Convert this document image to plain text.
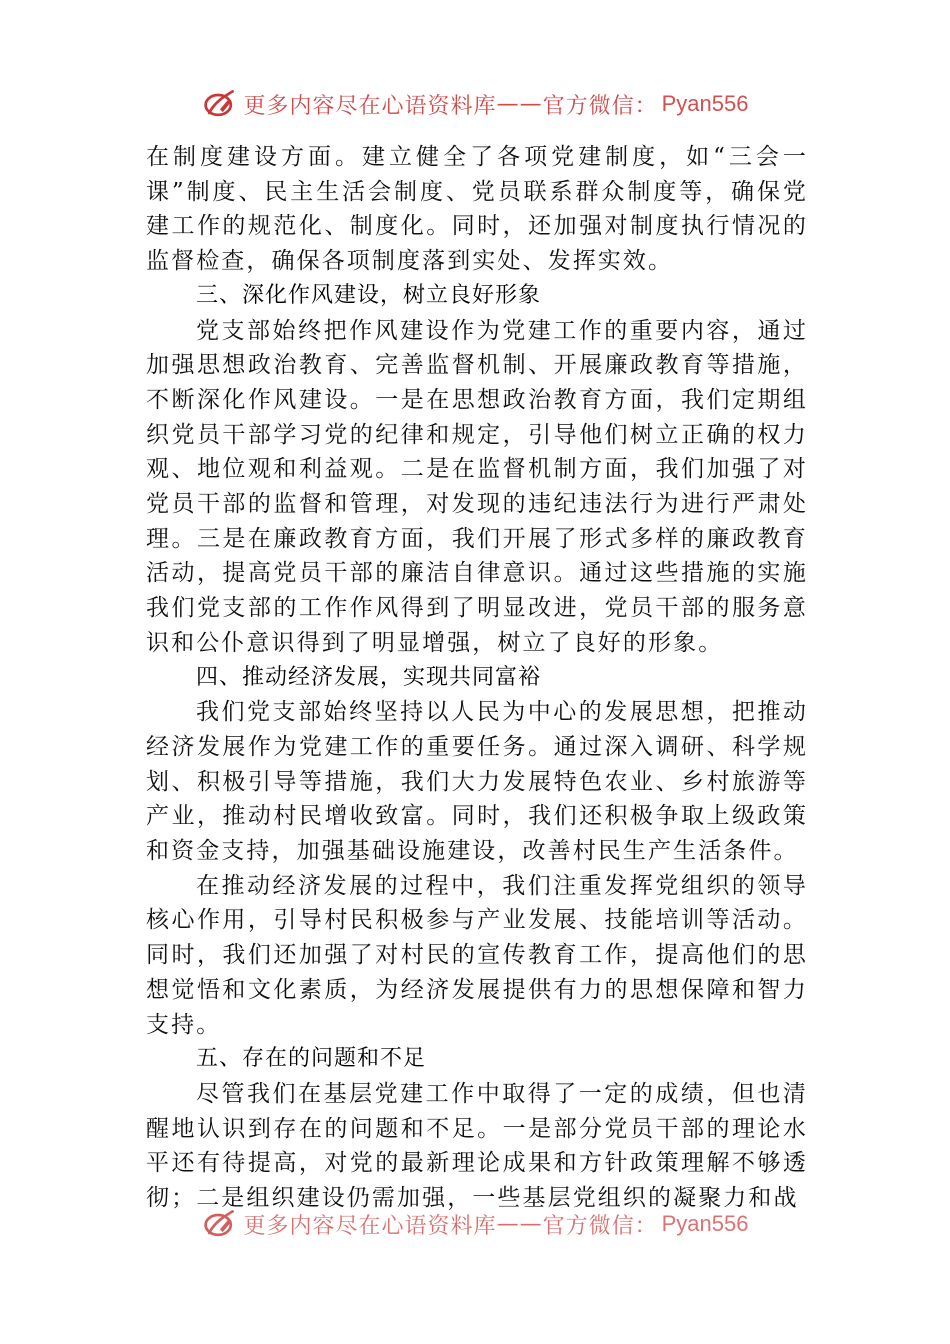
更多内容尽在心语资料库 —— 官方微信： Pyan556

在制度建设方面。建立健全了各项党建制度，如“三会一课”制度、民主生活会制度、党员联系群众制度等，确保党建工作的规范化、制度化。同时，还加强对制度执行情况的监督检查，确保各项制度落到实处、发挥实效。

三、深化作风建设，树立良好形象

党支部始终把作风建设作为党建工作的重要内容，通过加强思想政治教育、完善监督机制、开展廉政教育等措施，不断深化作风建设。一是在思想政治教育方面，我们定期组织党员干部学习党的纪律和规定，引导他们树立正确的权力观、地位观和利益观。二是在监督机制方面，我们加强了对党员干部的监督和管理，对发现的违纪违法行为进行严肃处理。三是在廉政教育方面，我们开展了形式多样的廉政教育活动，提高党员干部的廉洁自律意识。通过这些措施的实施我们党支部的工作作风得到了明显改进，党员干部的服务意识和公仆意识得到了明显增强，树立了良好的形象。

四、推动经济发展，实现共同富裕

我们党支部始终坚持以人民为中心的发展思想，把推动经济发展作为党建工作的重要任务。通过深入调研、科学规划、积极引导等措施，我们大力发展特色农业、乡村旅游等产业，推动村民增收致富。同时，我们还积极争取上级政策和资金支持，加强基础设施建设，改善村民生产生活条件。

在推动经济发展的过程中，我们注重发挥党组织的领导核心作用，引导村民积极参与产业发展、技能培训等活动。同时，我们还加强了对村民的宣传教育工作，提高他们的思想觉悟和文化素质，为经济发展提供有力的思想保障和智力支持。

五、存在的问题和不足

尽管我们在基层党建工作中取得了一定的成绩，但也清醒地认识到存在的问题和不足。一是部分党员干部的理论水平还有待提高，对党的最新理论成果和方针政策理解不够透彻；二是组织建设仍需加强，一些基层党组织的凝聚力和战

更多内容尽在心语资料库 —— 官方微信： Pyan556
